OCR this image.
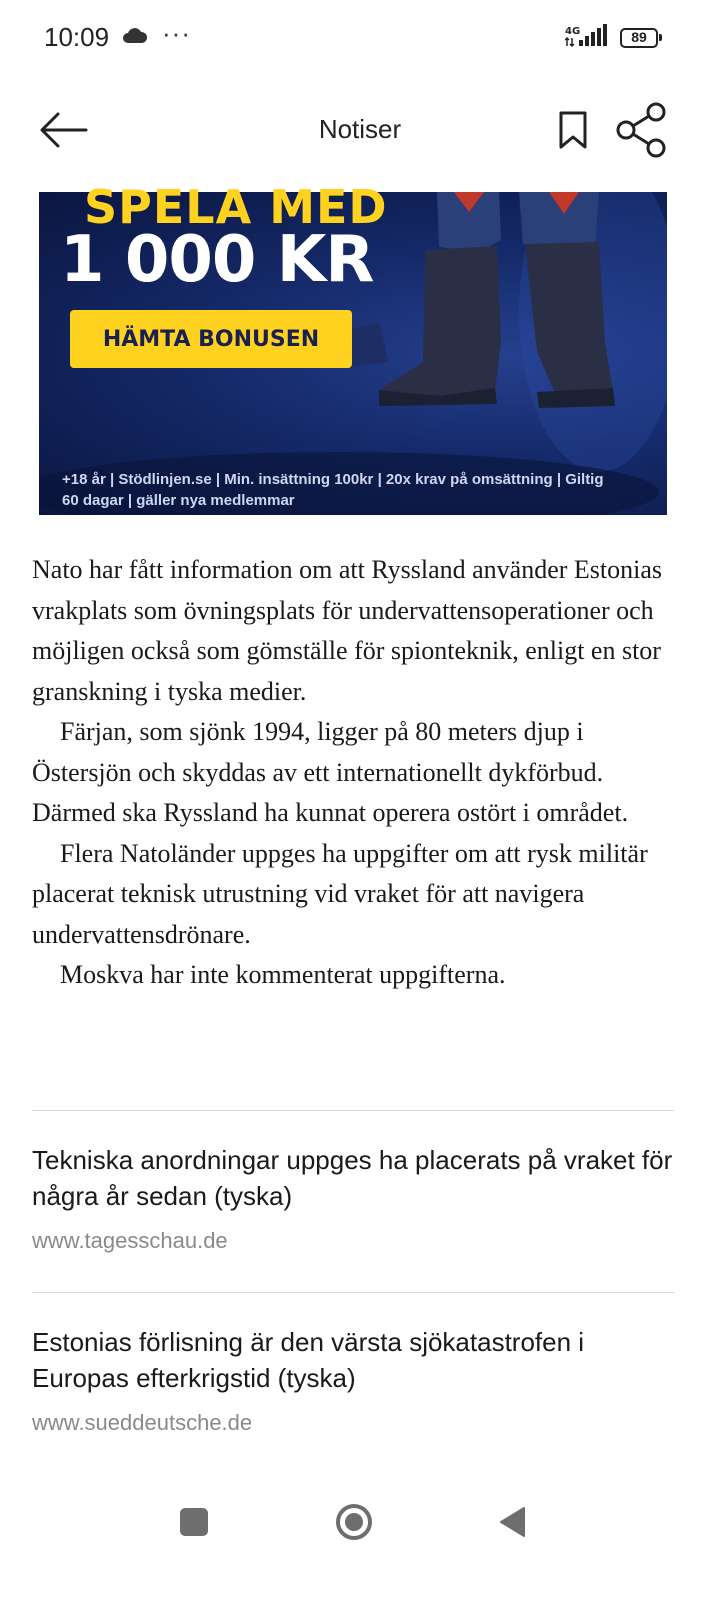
10:09 ···	4G	89
Notiser
SPELA MED

1 000 KR

HÄMTA BONUSEN

+18 år | Stödlinjen.se | Min. insättning 100kr | 20x krav på omsättning | Giltig 60 dagar | gäller nya medlemmar

Nato har fått information om att Ryssland använder Estonias vrakplats som övningsplats för undervattensoperationer och möjligen också som gömställe för spionteknik, enligt en stor granskning i tyska medier.

Färjan, som sjönk 1994, ligger på 80 meters djup i Östersjön och skyddas av ett internationellt dykförbud. Därmed ska Ryssland ha kunnat operera ostört i området.

Flera Natoländer uppges ha uppgifter om att rysk militär placerat teknisk utrustning vid vraket för att navigera undervattensdrönare.

Moskva har inte kommenterat uppgifterna.

Tekniska anordningar uppges ha placerats på vraket för några år sedan (tyska)

www.tagesschau.de

Estonias förlisning är den värsta sjökatastrofen i Europas efterkrigstid (tyska)

www.sueddeutsche.de
